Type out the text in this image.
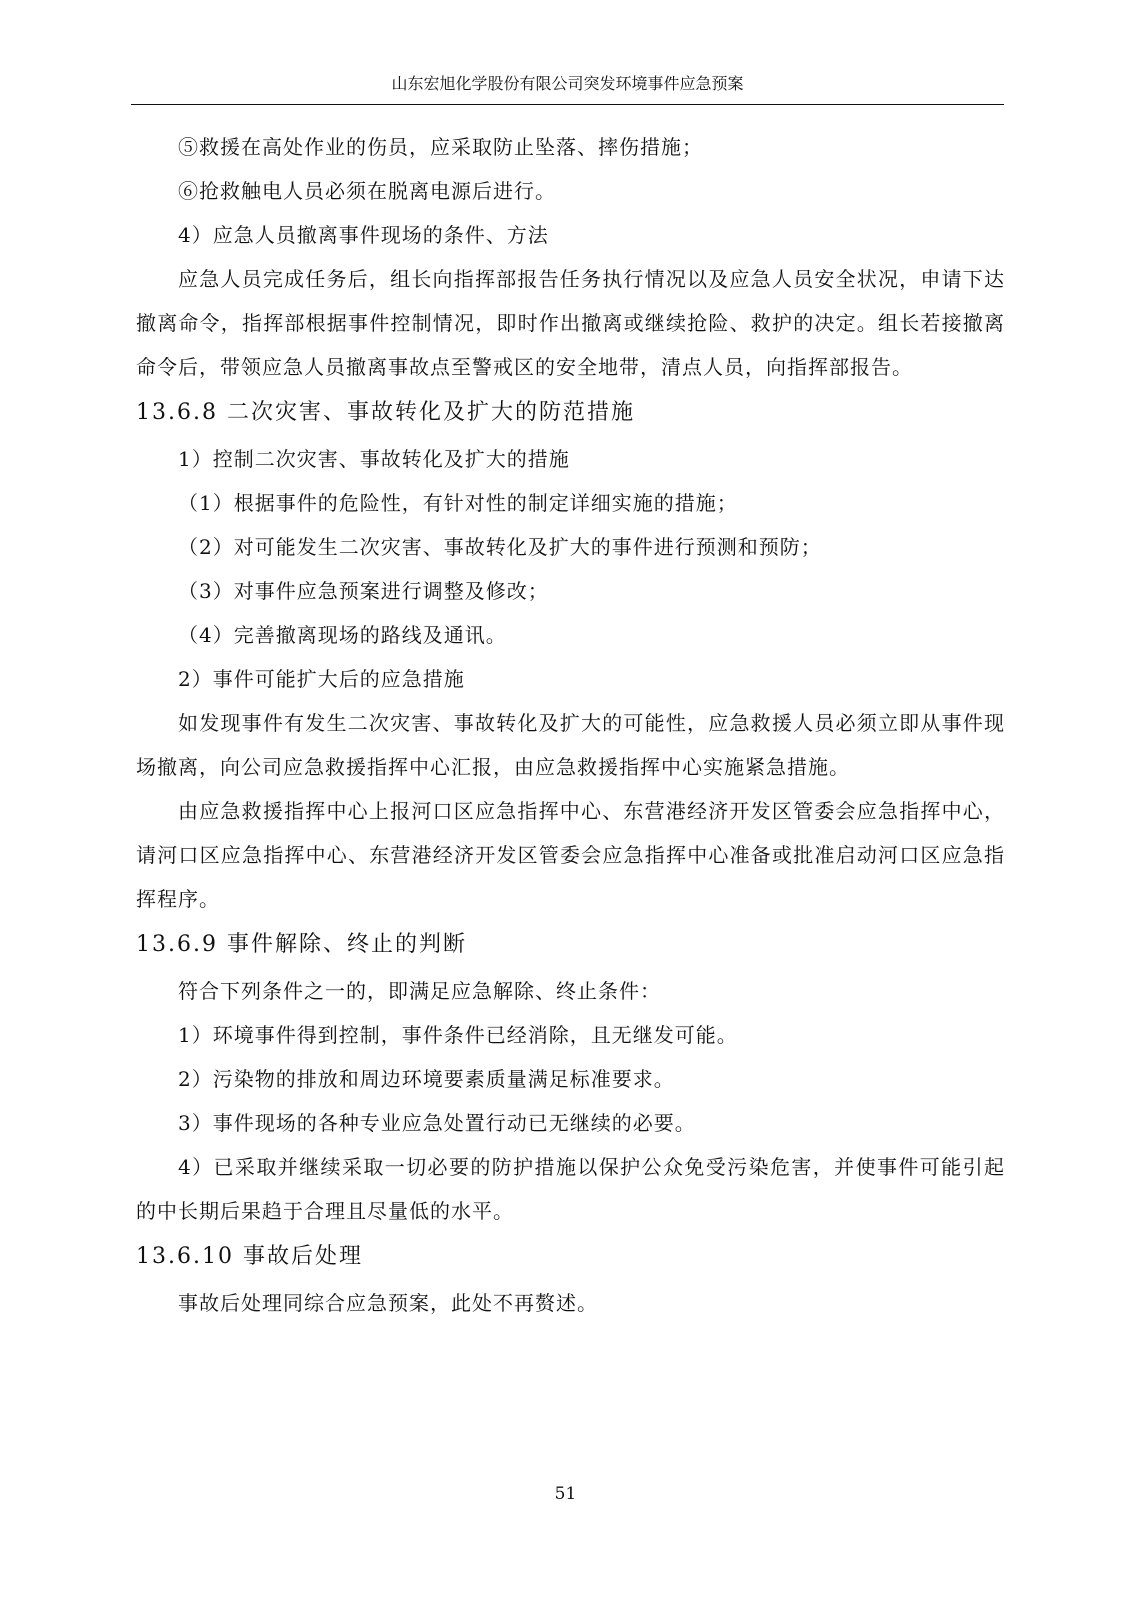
山东宏旭化学股份有限公司突发环境事件应急预案

⑤救援在高处作业的伤员，应采取防止坠落、摔伤措施；

⑥抢救触电人员必须在脱离电源后进行。

4）应急人员撤离事件现场的条件、方法

应急人员完成任务后，组长向指挥部报告任务执行情况以及应急人员安全状况，申请下达撤离命令，指挥部根据事件控制情况，即时作出撤离或继续抢险、救护的决定。组长若接撤离命令后，带领应急人员撤离事故点至警戒区的安全地带，清点人员，向指挥部报告。

13.6.8 二次灾害、事故转化及扩大的防范措施

1）控制二次灾害、事故转化及扩大的措施

（1）根据事件的危险性，有针对性的制定详细实施的措施；

（2）对可能发生二次灾害、事故转化及扩大的事件进行预测和预防；

（3）对事件应急预案进行调整及修改；

（4）完善撤离现场的路线及通讯。

2）事件可能扩大后的应急措施

如发现事件有发生二次灾害、事故转化及扩大的可能性，应急救援人员必须立即从事件现场撤离，向公司应急救援指挥中心汇报，由应急救援指挥中心实施紧急措施。

由应急救援指挥中心上报河口区应急指挥中心、东营港经济开发区管委会应急指挥中心，请河口区应急指挥中心、东营港经济开发区管委会应急指挥中心准备或批准启动河口区应急指挥程序。

13.6.9 事件解除、终止的判断

符合下列条件之一的，即满足应急解除、终止条件：

1）环境事件得到控制，事件条件已经消除，且无继发可能。

2）污染物的排放和周边环境要素质量满足标准要求。

3）事件现场的各种专业应急处置行动已无继续的必要。

4）已采取并继续采取一切必要的防护措施以保护公众免受污染危害，并使事件可能引起的中长期后果趋于合理且尽量低的水平。

13.6.10 事故后处理

事故后处理同综合应急预案，此处不再赘述。

51
